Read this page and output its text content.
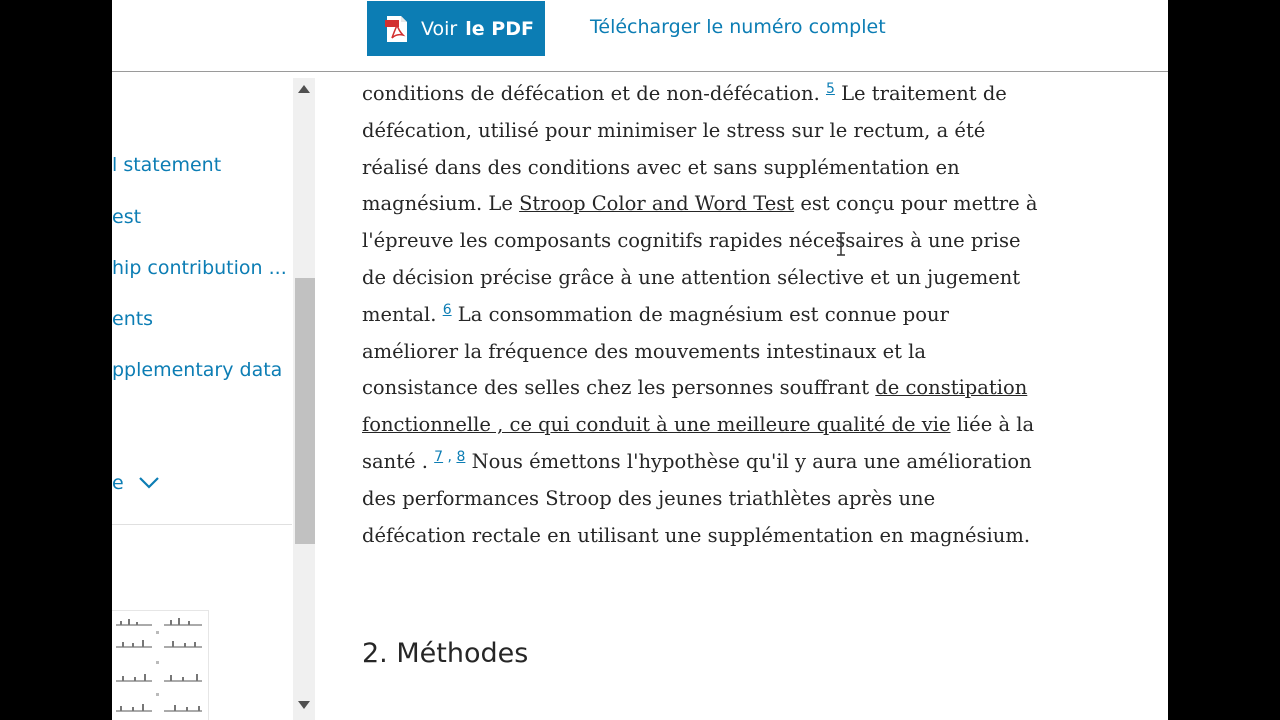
Voir le PDF	Télécharger le numéro complet
l statement
est
hip contribution ...
ents
pplementary data
e

conditions de défécation et de non-défécation. $^5$ Le traitement de défécation, utilisé pour minimiser le stress sur le rectum, a été réalisé dans des conditions avec et sans supplémentation en magnésium. Le Stroop Color and Word Test est conçu pour mettre à l'épreuve les composants cognitifs rapides nécessaires à une prise de décision précise grâce à une attention sélective et un jugement mental. $^6$ La consommation de magnésium est connue pour améliorer la fréquence des mouvements intestinaux et la consistance des selles chez les personnes souffrant de constipation fonctionnelle , ce qui conduit à une meilleure qualité de vie liée à la santé . $^7$ , $^8$ Nous émettons l'hypothèse qu'il y aura une amélioration des performances Stroop des jeunes triathlètes après une défécation rectale en utilisant une supplémentation en magnésium.

2. Méthodes
